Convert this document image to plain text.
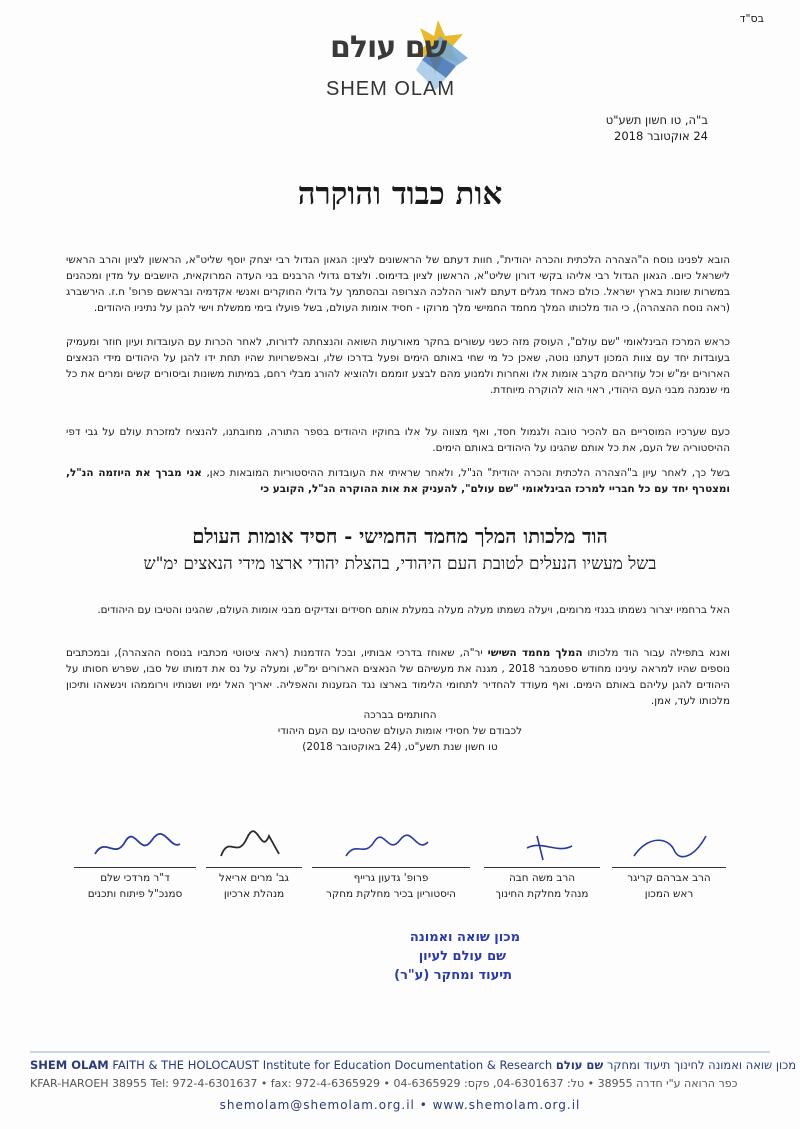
בס"ד
שם עולם
SHEM OLAM
ב"ה, טו חשון תשע"ט
24 אוקטובר 2018
אות כבוד והוקרה
הובא לפנינו נוסח ה"הצהרה הלכתית והכרה יהודית", חוות דעתם של הראשונים לציון: הגאון הגדול רבי יצחק יוסף שליט"א, הראשון לציון והרב הראשי לישראל כיום. הגאון הגדול רבי אליהו בקשי דורון שליט"א, הראשון לציון בדימוס. ולצדם גדולי הרבנים בני העדה המרוקאית, היושבים על מדין ומכהנים במשרות שונות בארץ ישראל. כולם כאחד מגלים דעתם לאור ההלכה הצרופה ובהסתמך על גדולי החוקרים ואנשי אקדמיה ובראשם פרופ' ח.ז. הירשברג (ראה נוסח ההצהרה), כי הוד מלכותו המלך מחמד החמישי מלך מרוקו - חסיד אומות העולם, בשל פועלו בימי ממשלת וישי להגן על נתיניו היהודים.
כראש המרכז הבינלאומי "שם עולם", העוסק מזה כשני עשורים בחקר מאורעות השואה והנצחתה לדורות, לאחר הכרות עם העובדות ועיון חוזר ומעמיק בעובדות יחד עם צוות המכון דעתנו נוטה, שאכן כל מי שחי באותם הימים ופעל בדרכו שלו, ובאפשרויות שהיו תחת ידו להגן על היהודים מידי הנאצים הארורים ימ"ש וכל עוזריהם מקרב אומות אלו ואחרות ולמנוע מהם לבצע זוממם ולהוציא להורג מבלי רחם, במיתות משונות וביסורים קשים ומרים את כל מי שנמנה מבני העם היהודי, ראוי הוא להוקרה מיוחדת.
כעם שערכיו המוסריים הם להכיר טובה ולגמול חסד, ואף מצווה על אלו בחוקיו היהודים בספר התורה, מחובתנו, להנציח למזכרת עולם על גבי דפי ההיסטוריה של העם, את כל אותם שהגינו על היהודים באותם הימים.
בשל כך, לאחר עיון ב"הצהרה הלכתית והכרה יהודית" הנ"ל, ולאחר שראיתי את העובדות ההיסטוריות המובאות כאן, אני מברך את היוזמה הנ"ל, ומצטרף יחד עם כל חבריי למרכז הבינלאומי "שם עולם", להעניק את אות ההוקרה הנ"ל, הקובע כי
הוד מלכותו המלך מחמד החמישי - חסיד אומות העולם
בשל מעשיו הנעלים לטובת העם היהודי, בהצלת יהודי ארצו מידי הנאצים ימ"ש
האל ברחמיו יצרור נשמתו בגנזי מרומים, ויעלה נשמתו מעלה מעלה במעלת אותם חסידים וצדיקים מבני אומות העולם, שהגינו והטיבו עם היהודים.
ואנא בתפילה עבור הוד מלכותו המלך מחמד השישי יר"ה, שאוחז בדרכי אבותיו, ובכל הזדמנות (ראה ציטוטי מכתביו בנוסח ההצהרה), ובמכתבים נוספים שהיו למראה עינינו מחודש ספטמבר 2018 , מגנה את מעשיהם של הנאצים הארורים ימ"ש, ומעלה על נס את דמותו של סבו, שפרש חסותו על היהודים להגן עליהם באותם הימים. ואף מעודד להחדיר לתחומי הלימוד בארצו נגד הגזענות והאפליה. יאריך האל ימיו ושנותיו וירוממהו וינשאהו ותיכון מלכותו לעד, אמן.
החותמים בברכה
לכבודם של חסידי אומות העולם שהטיבו עם העם היהודי
טו חשון שנת תשע"ט, (24 באוקטובר 2018)
ד"ר מרדכי שלם
סמנכ"ל פיתוח ותכנים
גב' מרים אריאל
מנהלת ארכיון
פרופ' גדעון גרייף
היסטוריון בכיר מחלקת מחקר
הרב משה חבה
מנהל מחלקת החינוך
הרב אברהם קריגר
ראש המכון
מכון שואה ואמונה
שם עולם לעיון
תיעוד ומחקר (ע"ר)
SHEM OLAM FAITH & THE HOLOCAUST Institute for Education Documentation & Research	מכון שואה ואמונה לחינוך תיעוד ומחקר שם עולם
KFAR-HAROEH 38955 Tel: 972-4-6301637 • fax: 972-4-6365929 • 04-6365929 :כפר הרואה ע"י חדרה 38955 • טל: 04-6301637, פקס
shemolam@shemolam.org.il • www.shemolam.org.il
